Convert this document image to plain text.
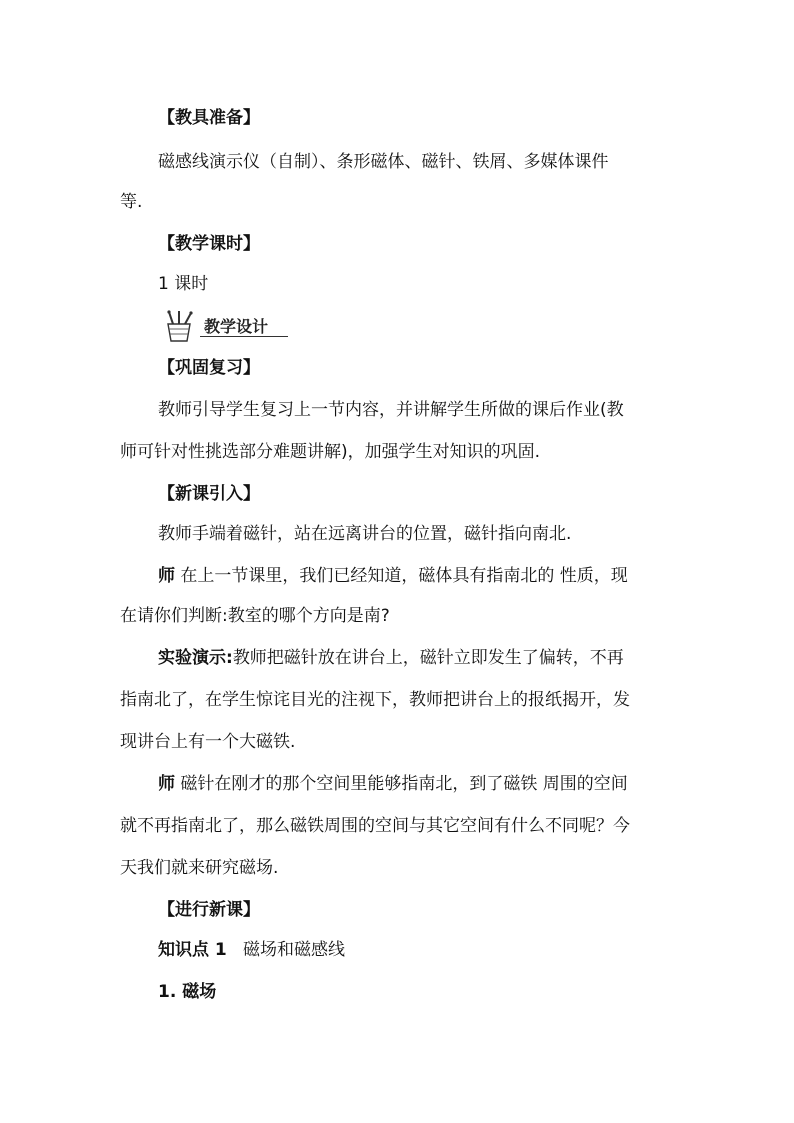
【教具准备】
磁感线演示仪（自制）、条形磁体、磁针、铁屑、多媒体课件
等.
【教学课时】
1 课时
教学设计
【巩固复习】
教师引导学生复习上一节内容，并讲解学生所做的课后作业(教
师可针对性挑选部分难题讲解)，加强学生对知识的巩固.
【新课引入】
教师手端着磁针，站在远离讲台的位置，磁针指向南北.
师 在上一节课里，我们已经知道，磁体具有指南北的 性质，现
在请你们判断:教室的哪个方向是南?
实验演示:教师把磁针放在讲台上，磁针立即发生了偏转，不再
指南北了，在学生惊诧目光的注视下，教师把讲台上的报纸揭开，发
现讲台上有一个大磁铁.
师 磁针在刚才的那个空间里能够指南北，到了磁铁 周围的空间
就不再指南北了，那么磁铁周围的空间与其它空间有什么不同呢？今
天我们就来研究磁场.
【进行新课】
知识点 1   磁场和磁感线
1. 磁场
